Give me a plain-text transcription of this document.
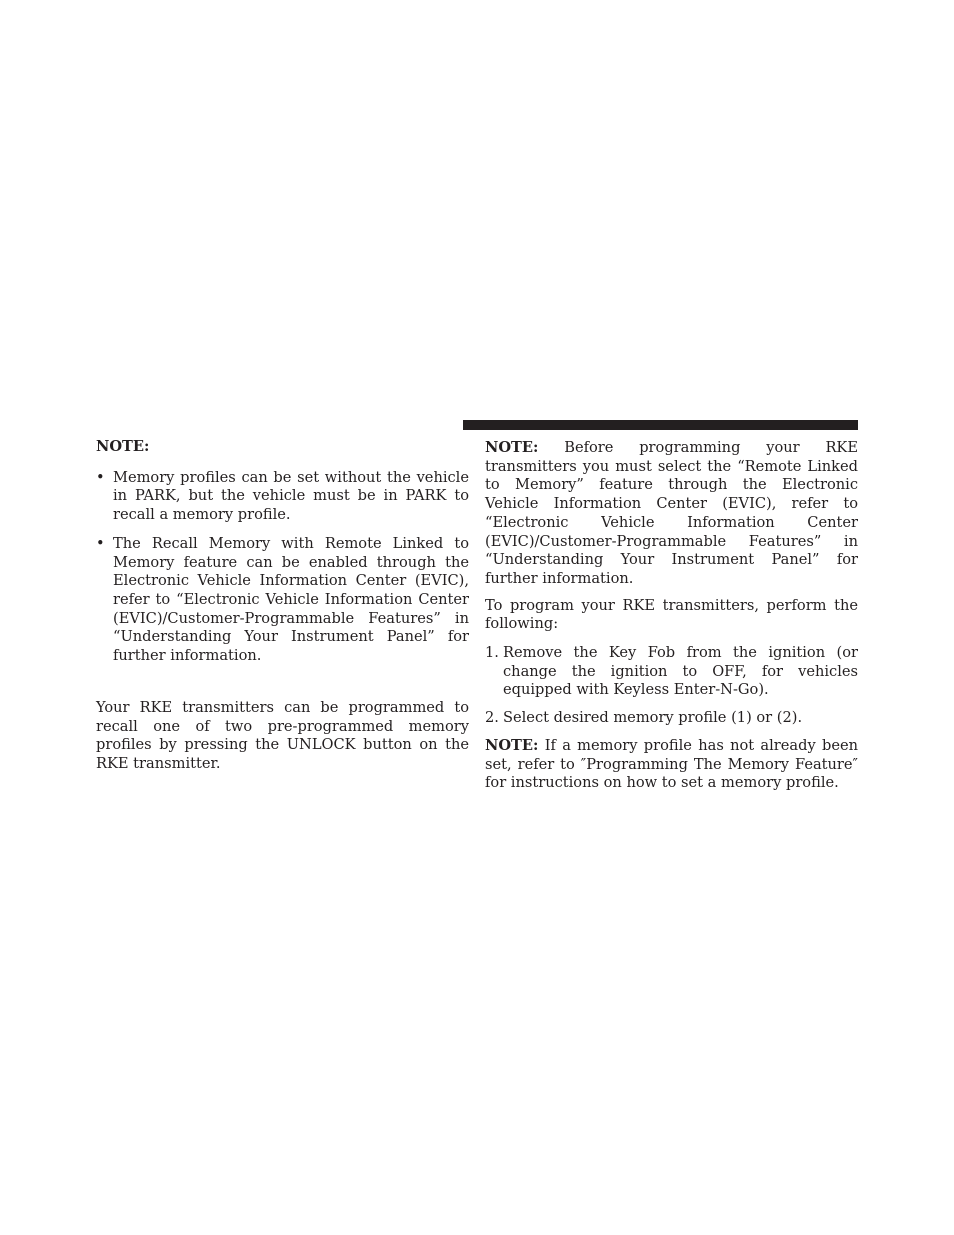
NOTE:

• Memory profiles can be set without the vehicle in PARK, but the vehicle must be in PARK to recall a memory profile.
• The Recall Memory with Remote Linked to Memory feature can be enabled through the Electronic Vehicle Information Center (EVIC), refer to “Electronic Vehicle Information Center (EVIC)/Customer-Programmable Features” in “Understanding Your Instrument Panel” for further information.

Your RKE transmitters can be programmed to recall one of two pre-programmed memory profiles by pressing the UNLOCK button on the RKE transmitter.

NOTE: Before programming your RKE transmitters you must select the “Remote Linked to Memory” feature through the Electronic Vehicle Information Center (EVIC), refer to “Electronic Vehicle Information Center (EVIC)/Customer-Programmable Features” in “Understanding Your Instrument Panel” for further information.

To program your RKE transmitters, perform the following:

1. Remove the Key Fob from the ignition (or change the ignition to OFF, for vehicles equipped with Keyless Enter-N-Go).
2. Select desired memory profile (1) or (2).

NOTE: If a memory profile has not already been set, refer to ″Programming The Memory Feature″ for instructions on how to set a memory profile.
